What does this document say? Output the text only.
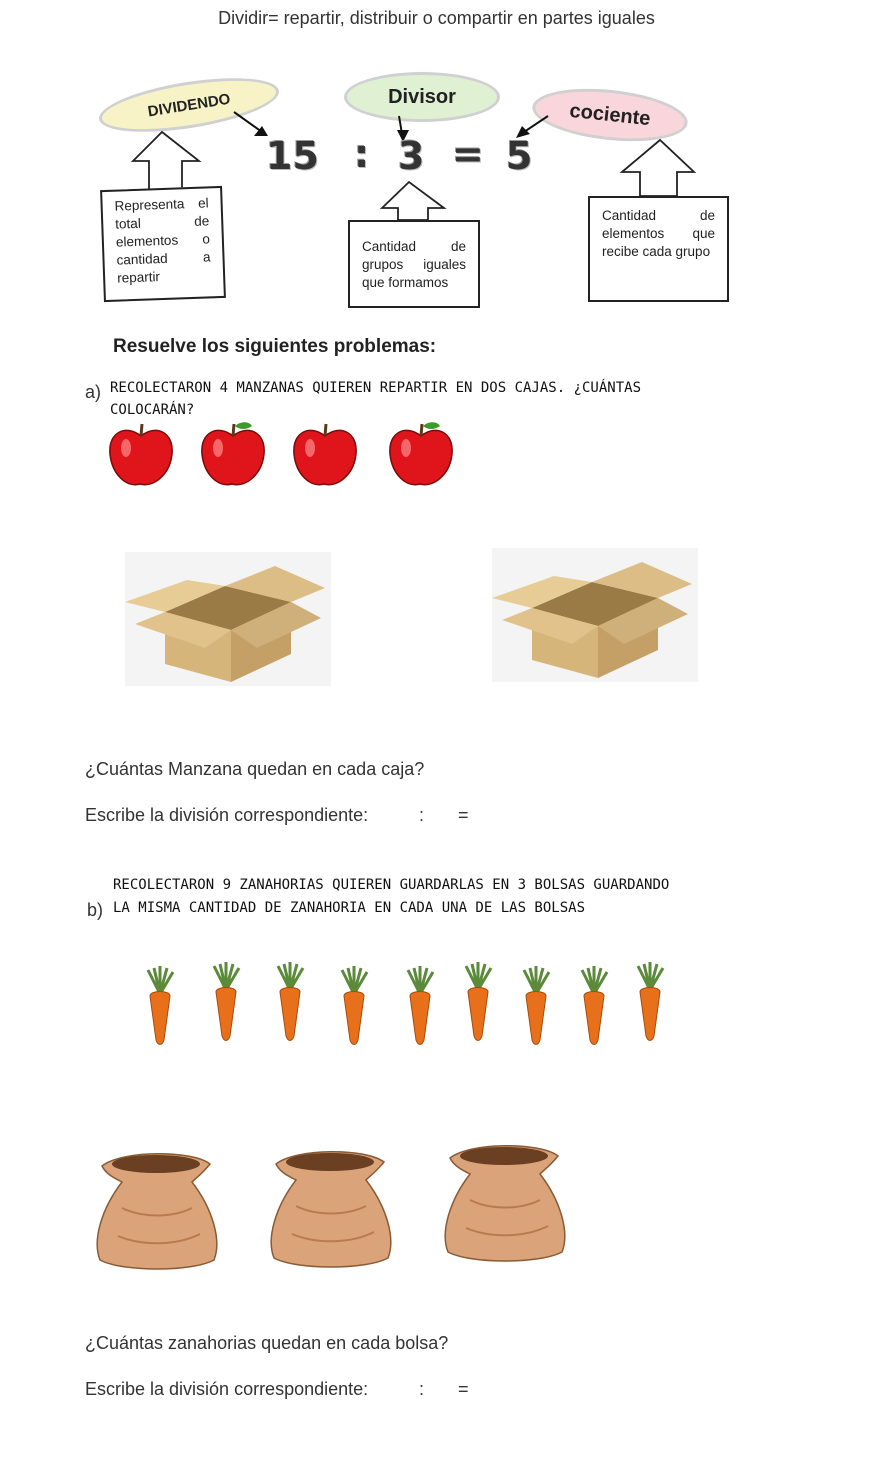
Dividir= repartir, distribuir o compartir en partes iguales
DIVIDENDO	Divisor
cociente
15 : 3 = 5
Representa el total de elementos o cantidad a repartir
Cantidad de grupos iguales que formamos
Cantidad de elementos que recibe cada grupo
Resuelve los siguientes problemas:
a) RECOLECTARON 4 MANZANAS QUIEREN REPARTIR EN DOS CAJAS. ¿CUÁNTAS
COLOCARÁN?
¿Cuántas Manzana quedan en cada caja?
Escribe la división correspondiente:	: =
RECOLECTARON 9 ZANAHORIAS QUIEREN GUARDARLAS EN 3 BOLSAS GUARDANDO
b) LA MISMA CANTIDAD DE ZANAHORIA EN CADA UNA DE LAS BOLSAS
¿Cuántas zanahorias quedan en cada bolsa?
Escribe la división correspondiente:	: =
